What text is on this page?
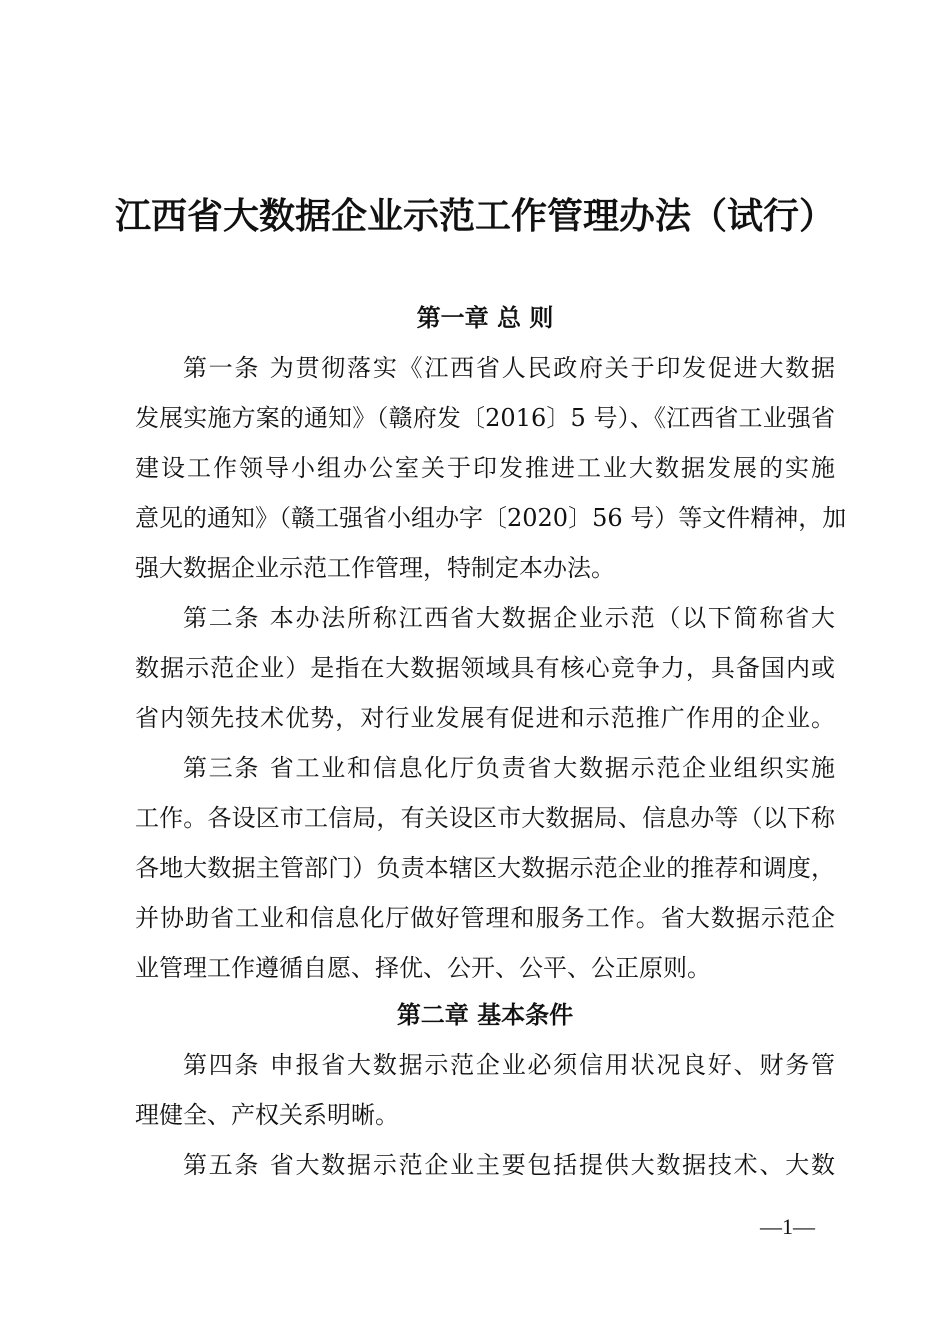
江西省大数据企业示范工作管理办法（试行）
第一章 总 则
第一条 为贯彻落实《江西省人民政府关于印发促进大数据
发展实施方案的通知》（赣府发〔2016〕5 号）、《江西省工业强省
建设工作领导小组办公室关于印发推进工业大数据发展的实施
意见的通知》（赣工强省小组办字〔2020〕56 号）等文件精神，加
强大数据企业示范工作管理，特制定本办法。
第二条 本办法所称江西省大数据企业示范（以下简称省大
数据示范企业）是指在大数据领域具有核心竞争力，具备国内或
省内领先技术优势，对行业发展有促进和示范推广作用的企业。
第三条 省工业和信息化厅负责省大数据示范企业组织实施
工作。各设区市工信局，有关设区市大数据局、信息办等（以下称
各地大数据主管部门）负责本辖区大数据示范企业的推荐和调度，
并协助省工业和信息化厅做好管理和服务工作。省大数据示范企
业管理工作遵循自愿、择优、公开、公平、公正原则。
第二章 基本条件
第四条 申报省大数据示范企业必须信用状况良好、财务管
理健全、产权关系明晰。
第五条 省大数据示范企业主要包括提供大数据技术、大数
—1—
